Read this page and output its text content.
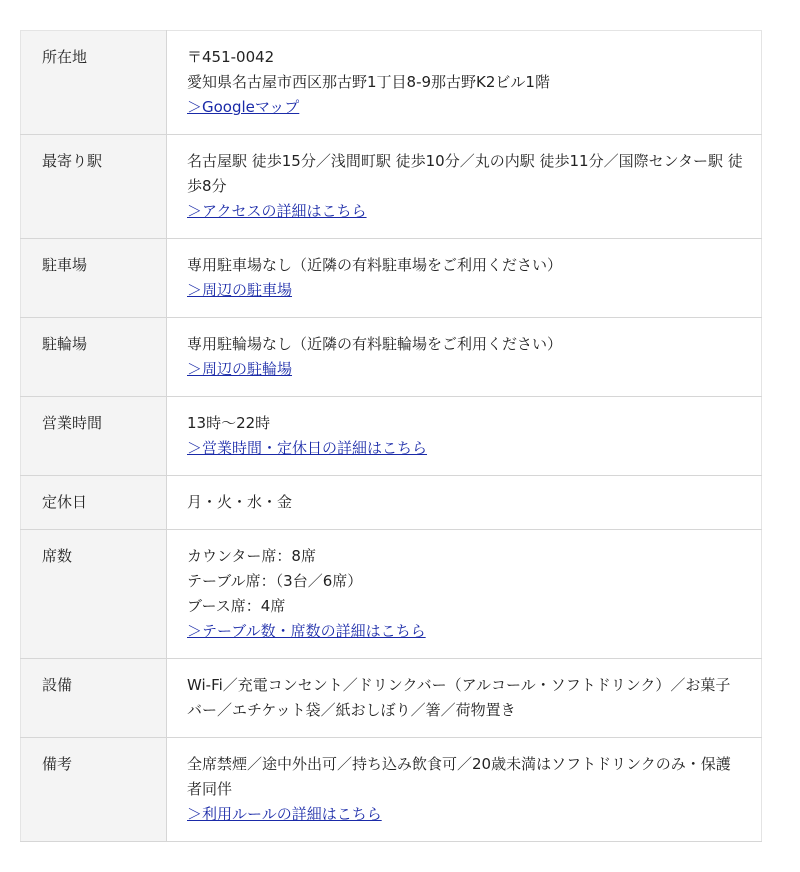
所在地	〒451-0042
愛知県名古屋市西区那古野1丁目8-9那古野K2ビル1階
＞Googleマップ

最寄り駅	名古屋駅 徒歩15分／浅間町駅 徒歩10分／丸の内駅 徒歩11分／国際センター駅 徒歩8分
＞アクセスの詳細はこちら

駐車場	専用駐車場なし（近隣の有料駐車場をご利用ください）
＞周辺の駐車場

駐輪場	専用駐輪場なし（近隣の有料駐輪場をご利用ください）
＞周辺の駐輪場

営業時間	13時〜22時
＞営業時間・定休日の詳細はこちら

定休日	月・火・水・金

席数	カウンター席：8席
テーブル席：（3台／6席）
ブース席：4席
＞テーブル数・席数の詳細はこちら

設備	Wi-Fi／充電コンセント／ドリンクバー（アルコール・ソフトドリンク）／お菓子バー／エチケット袋／紙おしぼり／箸／荷物置き

備考	全席禁煙／途中外出可／持ち込み飲食可／20歳未満はソフトドリンクのみ・保護者同伴
＞利用ルールの詳細はこちら
